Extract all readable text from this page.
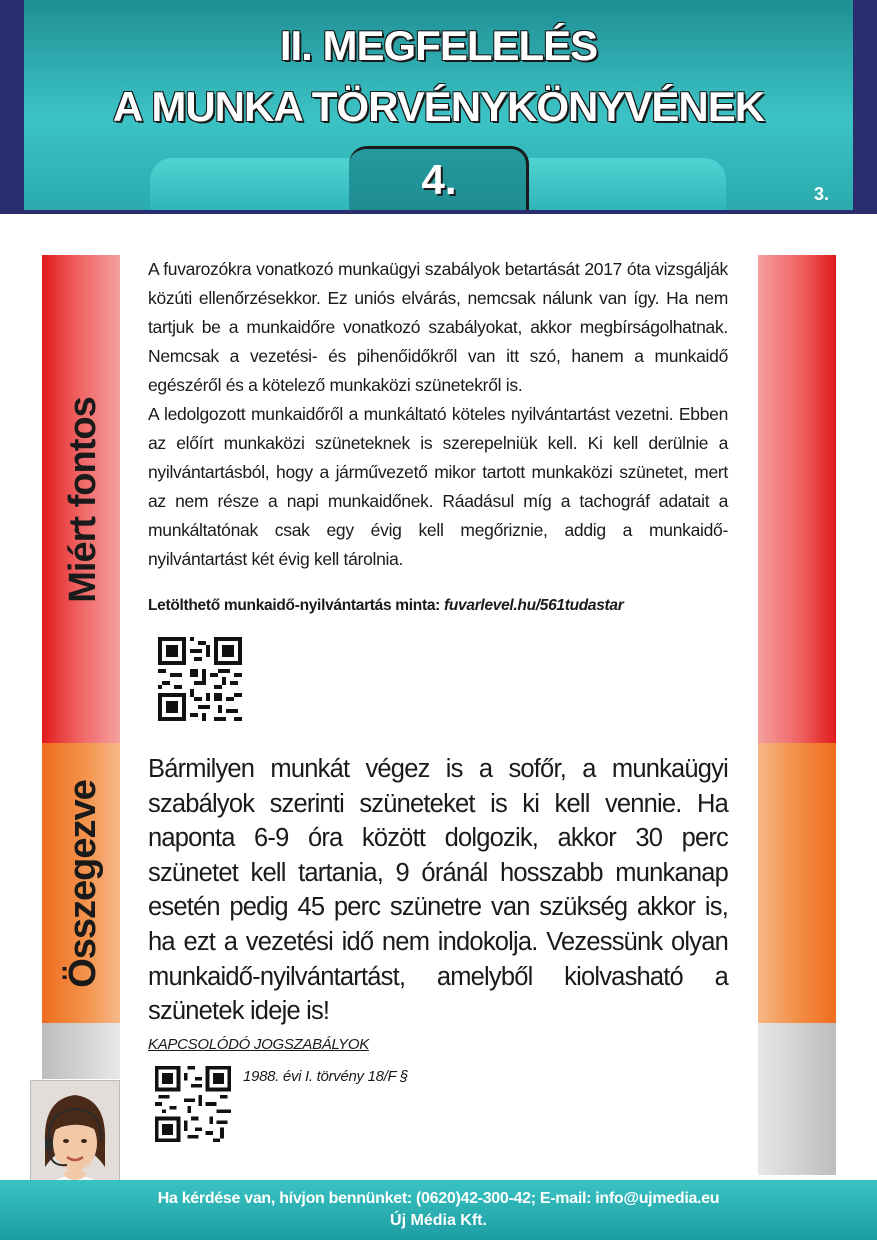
II. MEGFELELÉS
A MUNKA TÖRVÉNYKÖNYVÉNEK
4.	3.
Miért fontos
Összegezve
A fuvarozókra vonatkozó munkaügyi szabályok betartását 2017 óta vizsgálják közúti ellenőrzésekkor. Ez uniós elvárás, nemcsak nálunk van így. Ha nem tartjuk be a munkaidőre vonatkozó szabályokat, akkor megbírságolhatnak. Nemcsak a vezetési- és pihenőidőkről van itt szó, hanem a munkaidő egészéről és a kötelező munkaközi szünetekről is.
A ledolgozott munkaidőről a munkáltató köteles nyilvántartást vezetni. Ebben az előírt munkaközi szüneteknek is szerepelniük kell. Ki kell derülnie a nyilvántartásból, hogy a járművezető mikor tartott munkaközi szünetet, mert az nem része a napi munkaidőnek. Ráadásul míg a tachográf adatait a munkáltatónak csak egy évig kell megőriznie, addig a munkaidő-nyilvántartást két évig kell tárolnia.
Letölthető munkaidő-nyilvántartás minta: fuvarlevel.hu/561tudastar
Bármilyen munkát végez is a sofőr, a munkaügyi szabályok szerinti szüneteket is ki kell vennie. Ha naponta 6-9 óra között dolgozik, akkor 30 perc szünetet kell tartania, 9 óránál hosszabb munkanap esetén pedig 45 perc szünetre van szükség akkor is, ha ezt a vezetési idő nem indokolja. Vezessünk olyan munkaidő-nyilvántartást, amelyből kiolvasható a szünetek ideje is!
KAPCSOLÓDÓ JOGSZABÁLYOK
1988. évi I. törvény 18/F §
Ha kérdése van, hívjon bennünket: (0620)42-300-42; E-mail: info@ujmedia.eu
Új Média Kft.
